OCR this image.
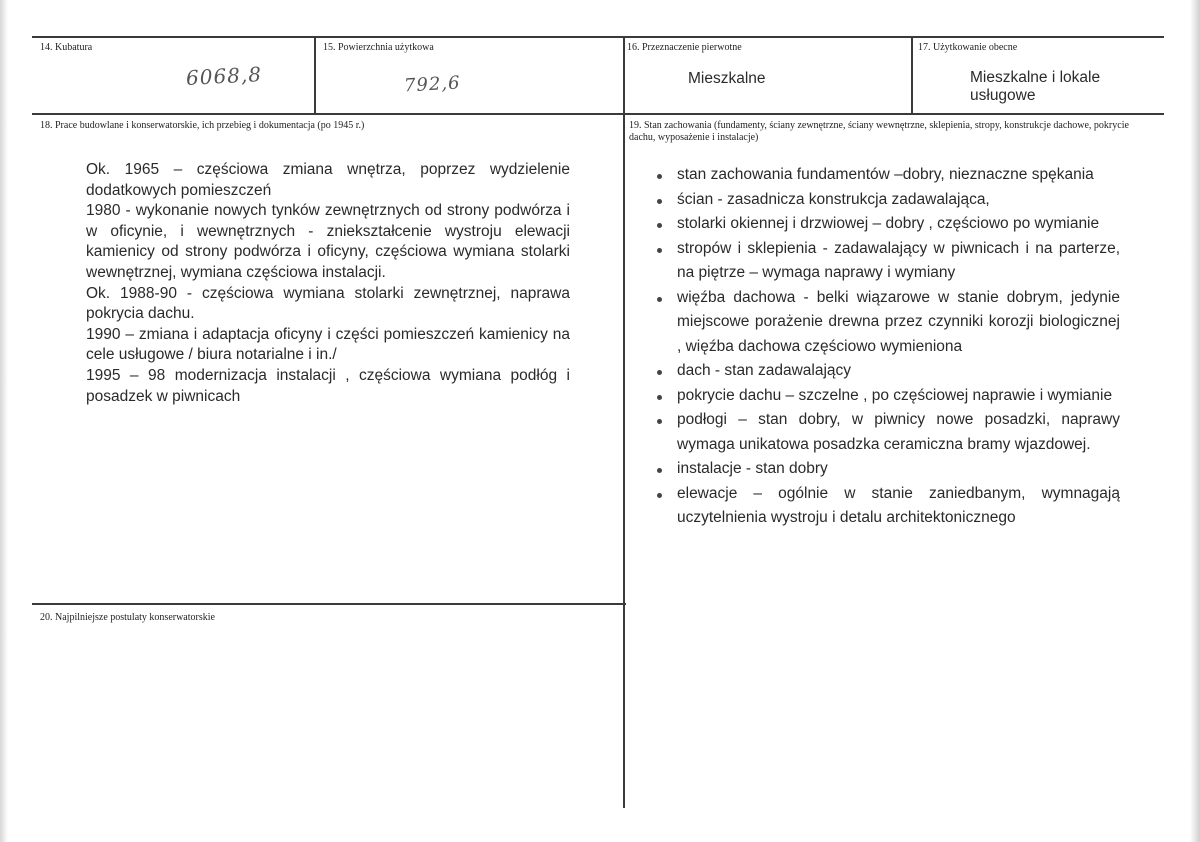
14. Kubatura
6068,8
15. Powierzchnia użytkowa
792,6
16. Przeznaczenie pierwotne
Mieszkalne
17. Użytkowanie obecne
Mieszkalne i lokale usługowe
18. Prace budowlane i konserwatorskie, ich przebieg i dokumentacja (po 1945 r.)

Ok. 1965 – częściowa zmiana wnętrza, poprzez wydzielenie dodatkowych pomieszczeń

1980 - wykonanie nowych tynków zewnętrznych od strony podwórza i w oficynie, i wewnętrznych - zniekształcenie wystroju elewacji kamienicy od strony podwórza i oficyny, częściowa wymiana stolarki wewnętrznej, wymiana częściowa instalacji.

Ok. 1988-90 - częściowa wymiana stolarki zewnętrznej, naprawa pokrycia dachu.

1990 – zmiana i adaptacja oficyny i części pomieszczeń kamienicy na cele usługowe / biura notarialne i in./

1995 – 98 modernizacja instalacji , częściowa wymiana podłóg i posadzek w piwnicach

19. Stan zachowania (fundamenty, ściany zewnętrzne, ściany wewnętrzne, sklepienia, stropy, konstrukcje dachowe, pokrycie dachu, wyposażenie i instalacje)
stan zachowania fundamentów –dobry, nieznaczne spękania
ścian - zasadnicza konstrukcja zadawalająca,
stolarki okiennej i drzwiowej – dobry , częściowo po wymianie
stropów i sklepienia - zadawalający w piwnicach i na parterze, na piętrze – wymaga naprawy i wymiany
więźba dachowa - belki wiązarowe w stanie dobrym, jedynie miejscowe porażenie drewna przez czynniki korozji biologicznej , więźba dachowa częściowo wymieniona
dach - stan zadawalający
pokrycie dachu – szczelne , po częściowej naprawie i wymianie
podłogi – stan dobry, w piwnicy nowe posadzki, naprawy wymaga unikatowa posadzka ceramiczna bramy wjazdowej.
instalacje - stan dobry
elewacje – ogólnie w stanie zaniedbanym, wymnagają uczytelnienia wystroju i detalu architektonicznego
20. Najpilniejsze postulaty konserwatorskie
